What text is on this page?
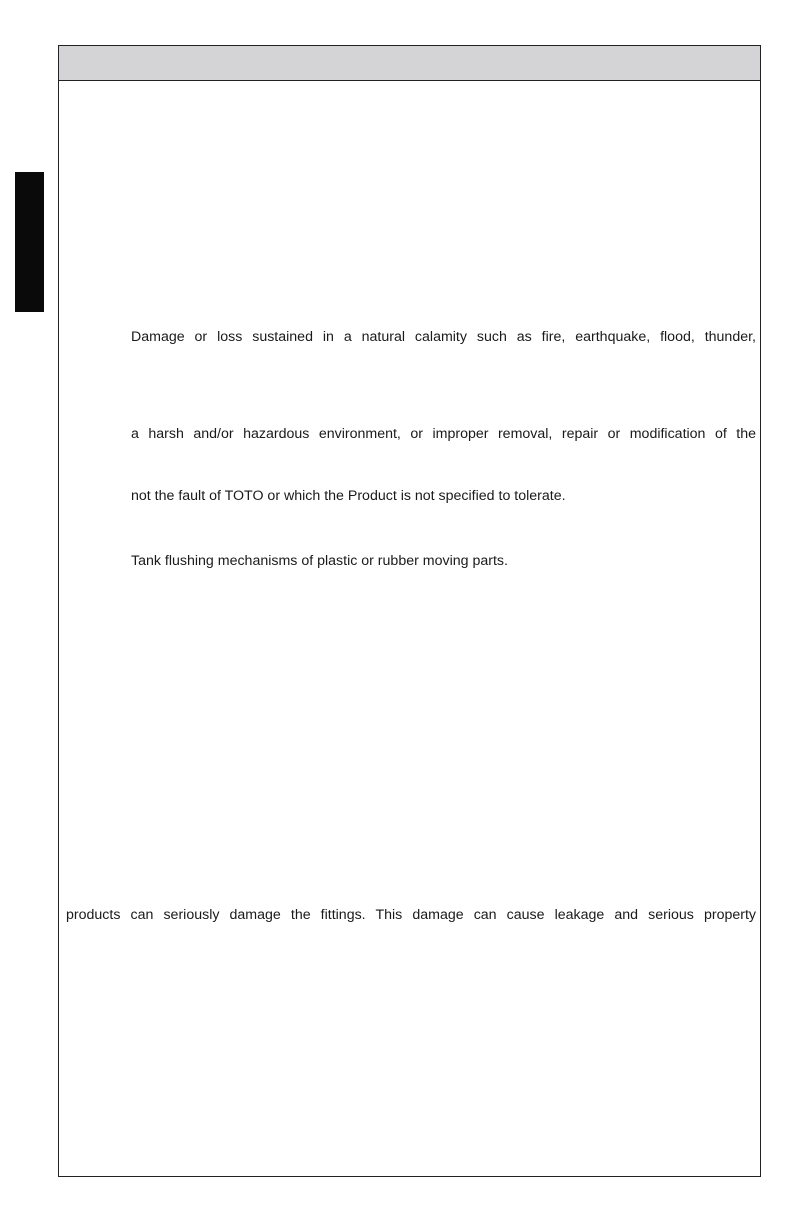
Damage or loss sustained in a natural calamity such as fire, earthquake, flood, thunder,

a harsh and/or hazardous environment, or improper removal, repair or modification of the

not the fault of TOTO or which the Product is not specified to tolerate.

Tank flushing mechanisms of plastic or rubber moving parts.

products can seriously damage the fittings. This damage can cause leakage and serious property
